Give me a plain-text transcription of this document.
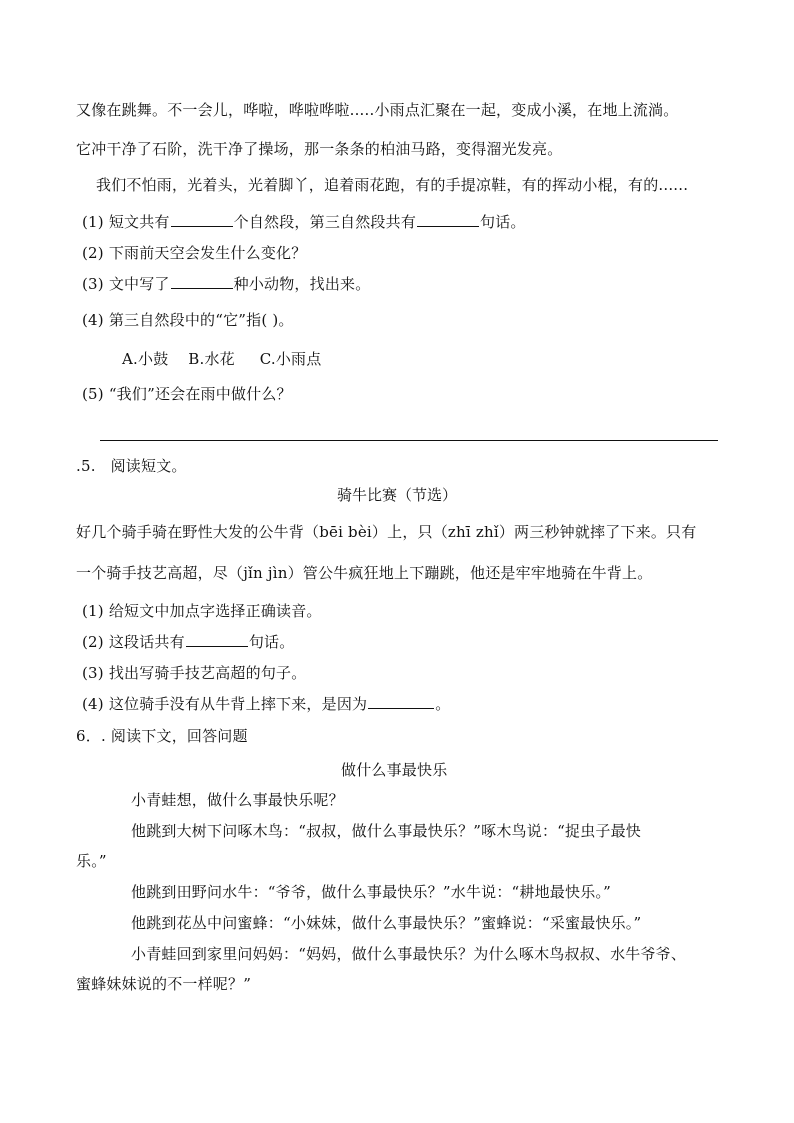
又像在跳舞。不一会儿，哗啦，哗啦哗啦.....小雨点汇聚在一起，变成小溪，在地上流淌。
它冲干净了石阶，洗干净了操场，那一条条的柏油马路，变得溜光发亮。
我们不怕雨，光着头，光着脚丫，追着雨花跑，有的手提凉鞋，有的挥动小棍，有的......
(1) 短文共有	个自然段，第三自然段共有	句话。
(2) 下雨前天空会发生什么变化？
(3) 文中写了	种小动物，找出来。
(4) 第三自然段中的“它”指( )。
A.小鼓    B.水花     C.小雨点
(5) “我们”还会在雨中做什么？
.5. 阅读短文。
骑牛比赛（节选）
好几个骑手骑在野性大发的公牛背（bēi bèi）上，只（zhī zhǐ）两三秒钟就摔了下来。只有
一个骑手技艺高超，尽（jǐn jìn）管公牛疯狂地上下蹦跳，他还是牢牢地骑在牛背上。
(1) 给短文中加点字选择正确读音。
(2) 这段话共有	句话。
(3) 找出写骑手技艺高超的句子。
(4) 这位骑手没有从牛背上摔下来，是因为	。
6．. 阅读下文，回答问题
做什么事最快乐
小青蛙想，做什么事最快乐呢？
他跳到大树下问啄木鸟：“叔叔，做什么事最快乐？”啄木鸟说：“捉虫子最快
乐。”
他跳到田野问水牛：“爷爷，做什么事最快乐？”水牛说：“耕地最快乐。”
他跳到花丛中问蜜蜂：“小妹妹，做什么事最快乐？”蜜蜂说：“采蜜最快乐。”
小青蛙回到家里问妈妈：“妈妈，做什么事最快乐？为什么啄木鸟叔叔、水牛爷爷、
蜜蜂妹妹说的不一样呢？”
